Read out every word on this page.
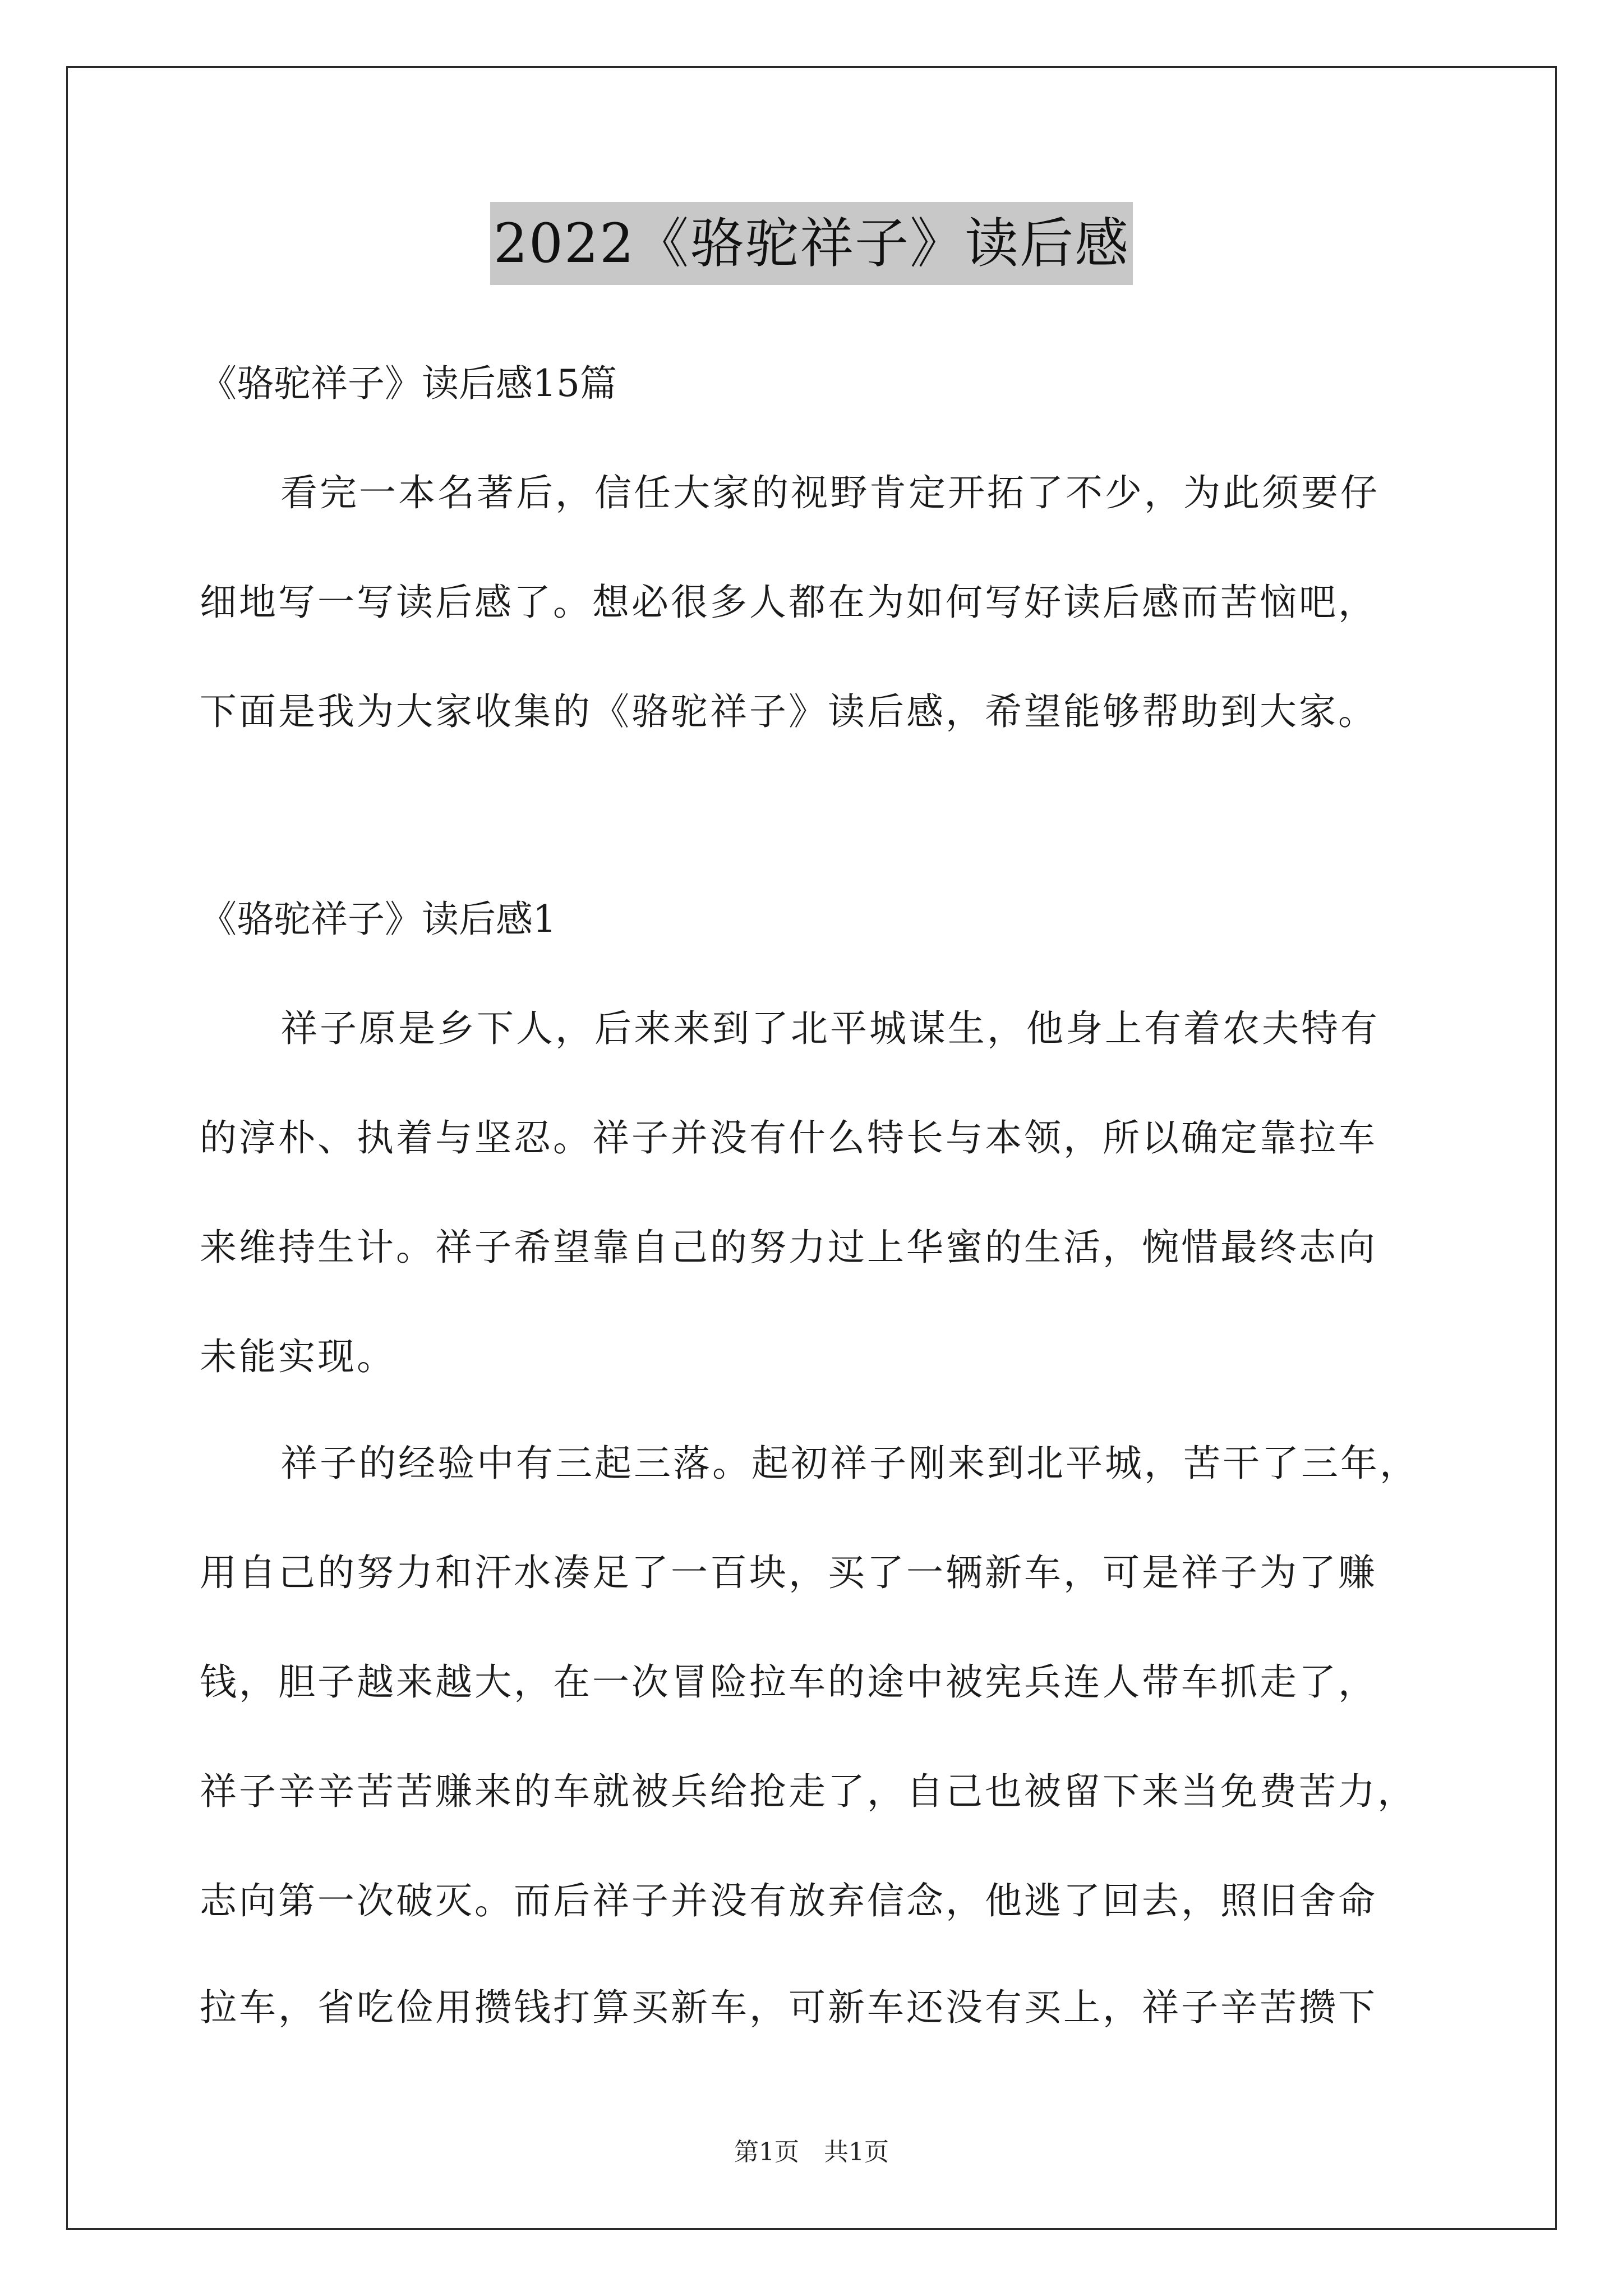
2022《骆驼祥子》读后感
《骆驼祥子》读后感15篇
看完一本名著后，信任大家的视野肯定开拓了不少，为此须要仔
细地写一写读后感了。想必很多人都在为如何写好读后感而苦恼吧，
下面是我为大家收集的《骆驼祥子》读后感，希望能够帮助到大家。
《骆驼祥子》读后感1
祥子原是乡下人，后来来到了北平城谋生，他身上有着农夫特有
的淳朴、执着与坚忍。祥子并没有什么特长与本领，所以确定靠拉车
来维持生计。祥子希望靠自己的努力过上华蜜的生活，惋惜最终志向
未能实现。
祥子的经验中有三起三落。起初祥子刚来到北平城，苦干了三年，
用自己的努力和汗水凑足了一百块，买了一辆新车，可是祥子为了赚
钱，胆子越来越大，在一次冒险拉车的途中被宪兵连人带车抓走了，
祥子辛辛苦苦赚来的车就被兵给抢走了，自己也被留下来当免费苦力，
志向第一次破灭。而后祥子并没有放弃信念，他逃了回去，照旧舍命
拉车，省吃俭用攒钱打算买新车，可新车还没有买上，祥子辛苦攒下
第1页　共1页
